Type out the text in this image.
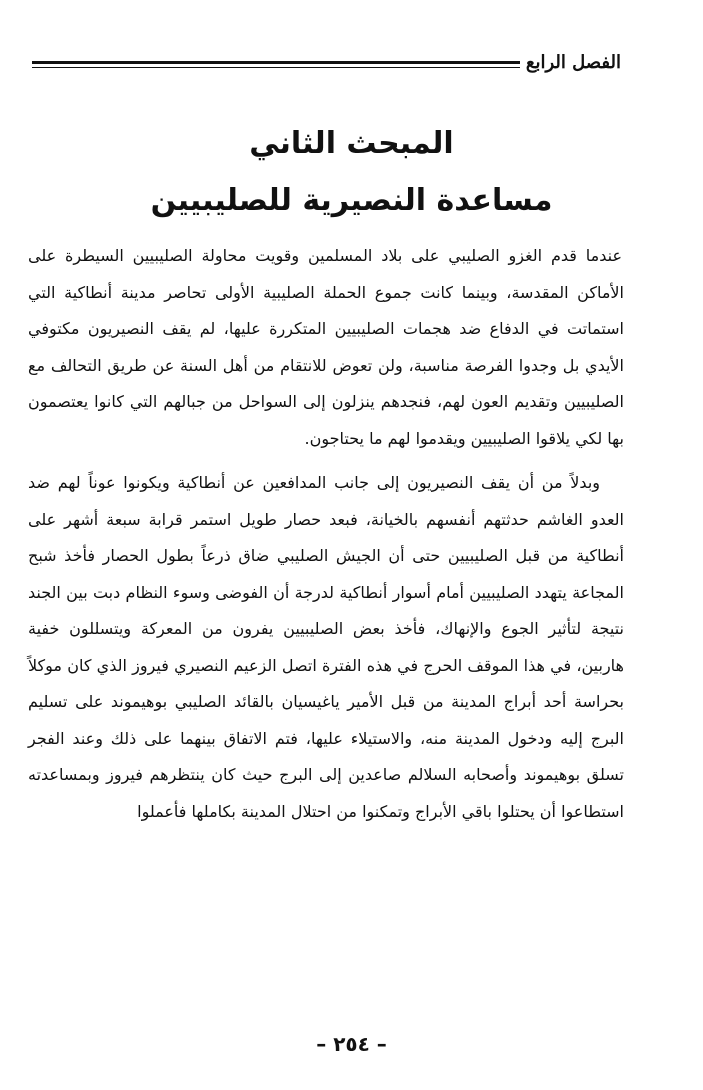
الفصل الرابع
المبحث الثاني
مساعدة النصيرية للصليبيين

عندما قدم الغزو الصليبي على بلاد المسلمين وقويت محاولة الصليبيين السيطرة على الأماكن المقدسة، وبينما كانت جموع الحملة الصليبية الأولى تحاصر مدينة أنطاكية التي استماتت في الدفاع ضد هجمات الصليبيين المتكررة عليها، لم يقف النصيريون مكتوفي الأيدي بل وجدوا الفرصة مناسبة، ولن تعوض للانتقام من أهل السنة عن طريق التحالف مع الصليبيين وتقديم العون لهم، فنجدهم ينزلون إلى السواحل من جبالهم التي كانوا يعتصمون بها لكي يلاقوا الصليبيين ويقدموا لهم ما يحتاجون.

وبدلاً من أن يقف النصيريون إلى جانب المدافعين عن أنطاكية ويكونوا عوناً لهم ضد العدو الغاشم حدثتهم أنفسهم بالخيانة، فبعد حصار طويل استمر قرابة سبعة أشهر على أنطاكية من قبل الصليبيين حتى أن الجيش الصليبي ضاق ذرعاً بطول الحصار فأخذ شبح المجاعة يتهدد الصليبيين أمام أسوار أنطاكية لدرجة أن الفوضى وسوء النظام دبت بين الجند نتيجة لتأثير الجوع والإنهاك، فأخذ بعض الصليبيين يفرون من المعركة ويتسللون خفية هاربين، في هذا الموقف الحرج في هذه الفترة اتصل الزعيم النصيري فيروز الذي كان موكلاً بحراسة أحد أبراج المدينة من قبل الأمير ياغيسيان بالقائد الصليبي بوهيموند على تسليم البرج إليه ودخول المدينة منه، والاستيلاء عليها، فتم الاتفاق بينهما على ذلك وعند الفجر تسلق بوهيموند وأصحابه السلالم صاعدين إلى البرج حيث كان ينتظرهم فيروز وبمساعدته استطاعوا أن يحتلوا باقي الأبراج وتمكنوا من احتلال المدينة بكاملها فأعملوا

– ٢٥٤ –
